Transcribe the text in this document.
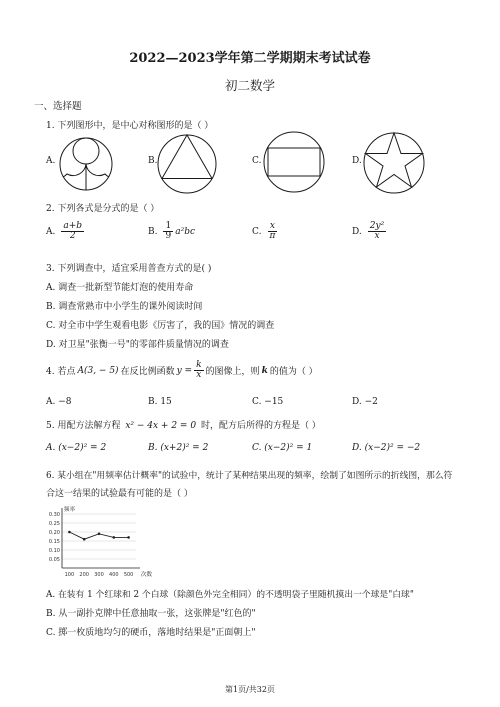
2022—2023学年第二学期期末考试试卷
初二数学
一、选择题
1. 下列图形中，是中心对称图形的是（ ）
A.	B.	C.	D.
2. 下列各式是分式的是（ ）
A. $\frac{a+b}{2}$	B. $\frac{1}{9} a^2bc$	C. $\frac{x}{\pi}$	D. $\frac{\text{2y²}}{x}$
3. 下列调查中，适宜采用普查方式的是( )
A. 调查一批新型节能灯泡的使用寿命
B. 调查常熟市中小学生的课外阅读时间
C. 对全市中学生观看电影《厉害了，我的国》情况的调查
D. 对卫星"张衡一号"的零部件质量情况的调查
4. 若点 A(3, − 5) 在反比例函数 $y = \frac{k}{x}$ 的图像上，则 k 的值为（ ）
A. −8	B. 15	C. −15	D. −2
5. 用配方法解方程 x² − 4x + 2 = 0 时，配方后所得的方程是（ ）
A. (x−2)² = 2	B. (x+2)² = 2	C. (x−2)² = 1	D. (x−2)² = −2
6. 某小组在"用频率估计概率"的试验中，统计了某种结果出现的频率，绘制了如图所示的折线图，那么符
合这一结果的试验最有可能的是（ ）
0.30
0.25
0.20
0.15
0.10
0.05
频率
次数
100 200 300 400 500
A. 在装有 1 个红球和 2 个白球（除颜色外完全相同）的不透明袋子里随机摸出一个球是"白球"
B. 从一副扑克牌中任意抽取一张，这张牌是"红色的"
C. 掷一枚质地均匀的硬币，落地时结果是"正面朝上"
第1页/共32页
